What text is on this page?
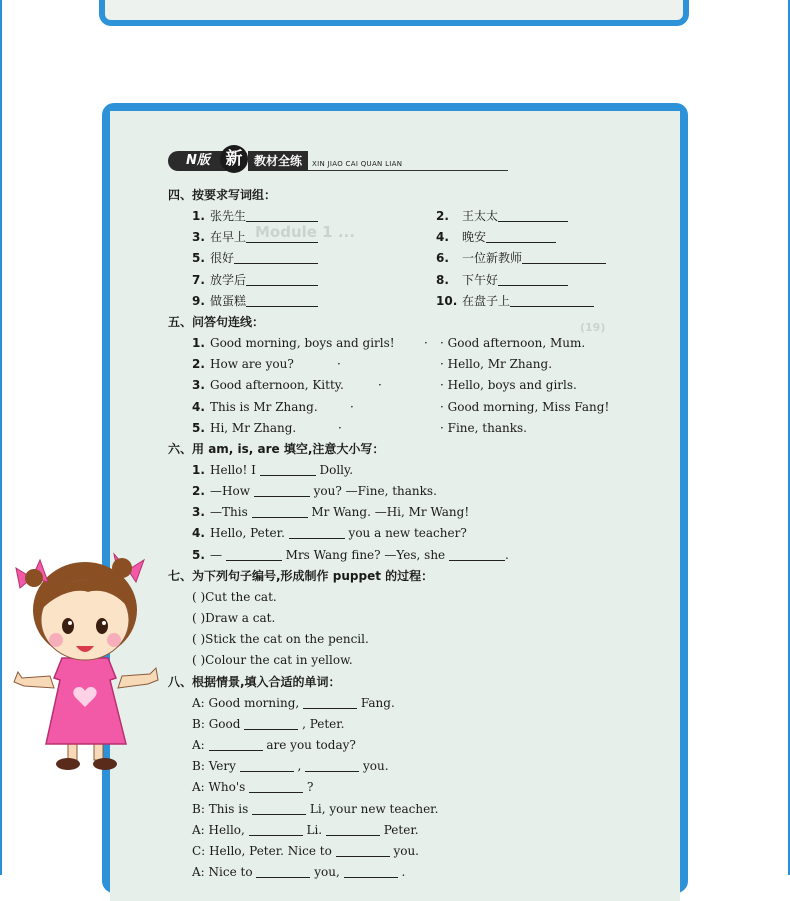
Module 1 ...
(19)
N版 新 教材全练	XIN JIAO CAI QUAN LIAN
四、按要求写词组：
1. 张先生	2. 王太太
3. 在早上	4. 晚安
5. 很好	6. 一位新教师
7. 放学后	8. 下午好
9. 做蛋糕	10. 在盘子上
五、问答句连线：
1. Good morning, boys and girls! · · Good afternoon, Mum.
2. How are you?	·	· Hello, Mr Zhang.
3. Good afternoon, Kitty.	·	· Hello, boys and girls.
4. This is Mr Zhang.	·	· Good morning, Miss Fang!
5. Hi, Mr Zhang.	·	· Fine, thanks.
六、用 am, is, are 填空,注意大小写：
1. Hello! I	Dolly.
2. —How	you? —Fine, thanks.
3. —This	Mr Wang. —Hi, Mr Wang!
4. Hello, Peter.	you a new teacher?
5. —	Mrs Wang fine? —Yes, she	.
七、为下列句子编号,形成制作 puppet 的过程：
( )Cut the cat.
( )Draw a cat.
( )Stick the cat on the pencil.
( )Colour the cat in yellow.
八、根据情景,填入合适的单词：
A: Good morning,	Fang.
B: Good	, Peter.
A:	are you today?
B: Very	,	you.
A: Who's	?
B: This is	Li, your new teacher.
A: Hello,	Li.	Peter.
C: Hello, Peter. Nice to	you.
A: Nice to	you,	.
